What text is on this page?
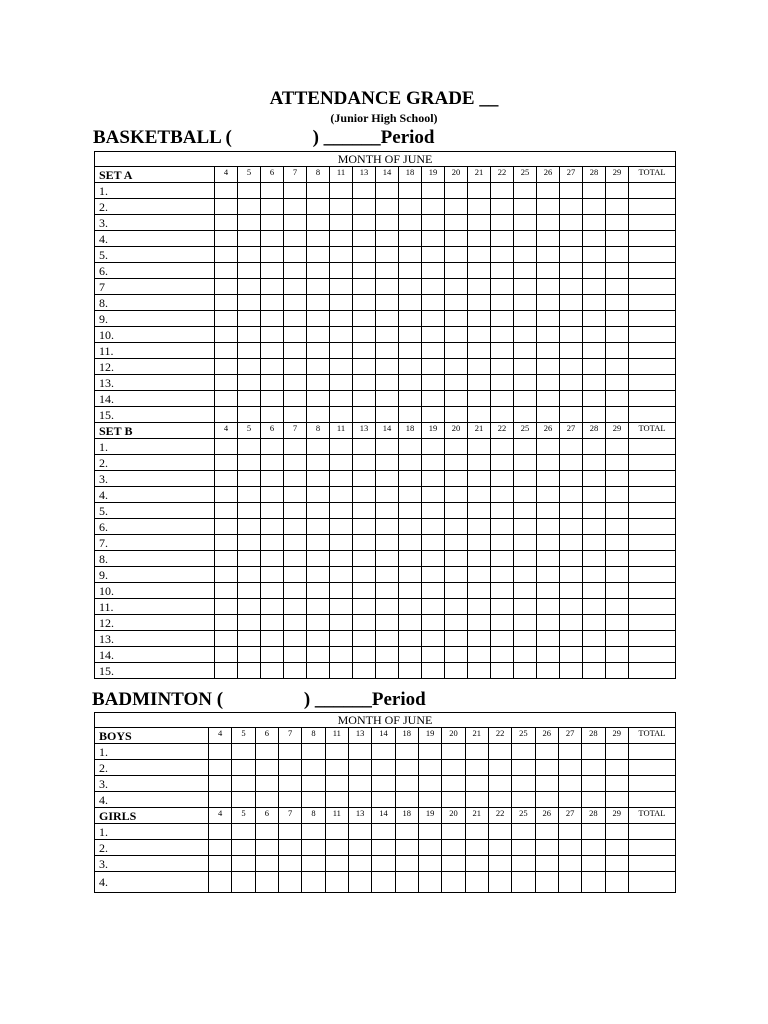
ATTENDANCE GRADE __
(Junior High School)
BASKETBALL (                 ) ______Period
MONTH OF JUNE																			
SET A	4	5	6	7	8	11	13	14	18	19	20	21	22	25	26	27	28	29	TOTAL
1.																			
2.																			
3.																			
4.																			
5.																			
6.																			
7																			
8.																			
9.																			
10.																			
11.																			
12.																			
13.																			
14.																			
15.																			
SET B	4	5	6	7	8	11	13	14	18	19	20	21	22	25	26	27	28	29	TOTAL
1.																			
2.																			
3.																			
4.																			
5.																			
6.																			
7.																			
8.																			
9.																			
10.																			
11.																			
12.																			
13.																			
14.																			
15.																			
BADMINTON (                 ) ______Period
MONTH OF JUNE																			
BOYS	4	5	6	7	8	11	13	14	18	19	20	21	22	25	26	27	28	29	TOTAL
1.																			
2.																			
3.																			
4.																			
GIRLS	4	5	6	7	8	11	13	14	18	19	20	21	22	25	26	27	28	29	TOTAL
1.																			
2.																			
3.																			
4.																			
